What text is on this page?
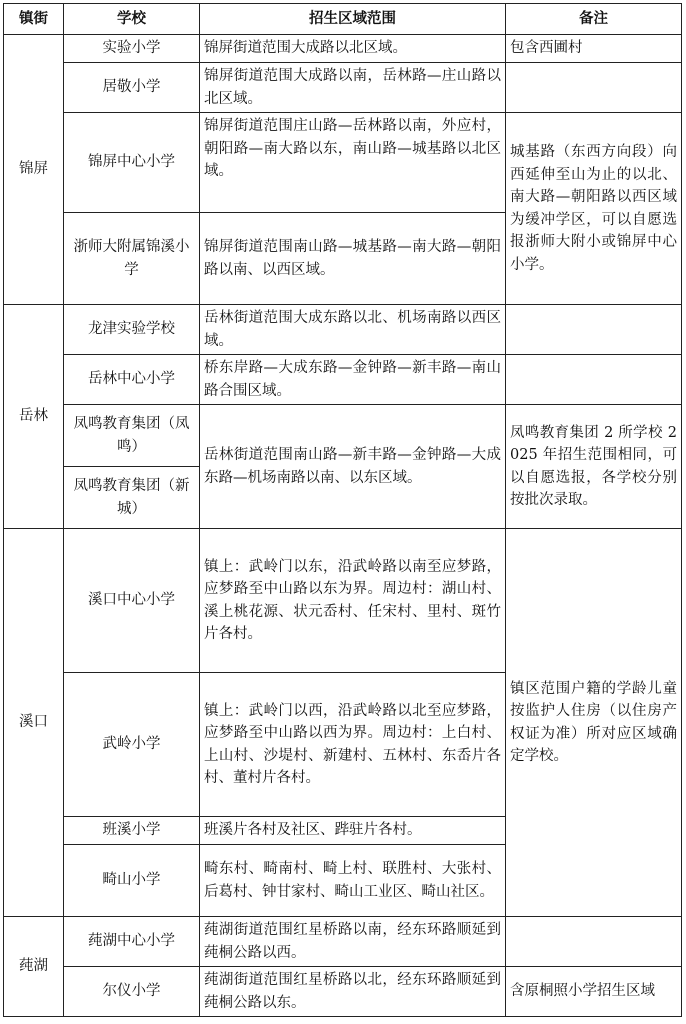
镇街	学校	招生区域范围	备注
锦屏	实验小学	锦屏街道范围大成路以北区域。	包含西圃村
	居敬小学	锦屏街道范围大成路以南，岳林路—庄山路以北区域。	
	锦屏中心小学	锦屏街道范围庄山路—岳林路以南，外应村，朝阳路—南大路以东，南山路—城基路以北区域。	城基路（东西方向段）向西延伸至山为止的以北、南大路—朝阳路以西区域为缓冲学区，可以自愿选报浙师大附小或锦屏中心小学。
	浙师大附属锦溪小学	锦屏街道范围南山路—城基路—南大路—朝阳路以南、以西区域。	
岳林	龙津实验学校	岳林街道范围大成东路以北、机场南路以西区域。	
	岳林中心小学	桥东岸路—大成东路—金钟路—新丰路—南山路合围区域。	
	凤鸣教育集团（凤鸣）	岳林街道范围南山路—新丰路—金钟路—大成东路—机场南路以南、以东区域。	凤鸣教育集团 2 所学校 2025 年招生范围相同，可以自愿选报，各学校分别按批次录取。
	凤鸣教育集团（新城）		
溪口	溪口中心小学	镇上：武岭门以东，沿武岭路以南至应梦路，应梦路至中山路以东为界。周边村：湖山村、溪上桃花源、状元岙村、任宋村、里村、斑竹片各村。	镇区范围户籍的学龄儿童按监护人住房（以住房产权证为准）所对应区域确定学校。
	武岭小学	镇上：武岭门以西，沿武岭路以北至应梦路，应梦路至中山路以西为界。周边村：上白村、上山村、沙堤村、新建村、五林村、东岙片各村、董村片各村。	
	班溪小学	班溪片各村及社区、跸驻片各村。	
	畸山小学	畸东村、畸南村、畸上村、联胜村、大张村、后葛村、钟甘家村、畸山工业区、畸山社区。	
莼湖	莼湖中心小学	莼湖街道范围红星桥路以南，经东环路顺延到莼桐公路以西。	
	尔仪小学	莼湖街道范围红星桥路以北，经东环路顺延到莼桐公路以东。	含原桐照小学招生区域
